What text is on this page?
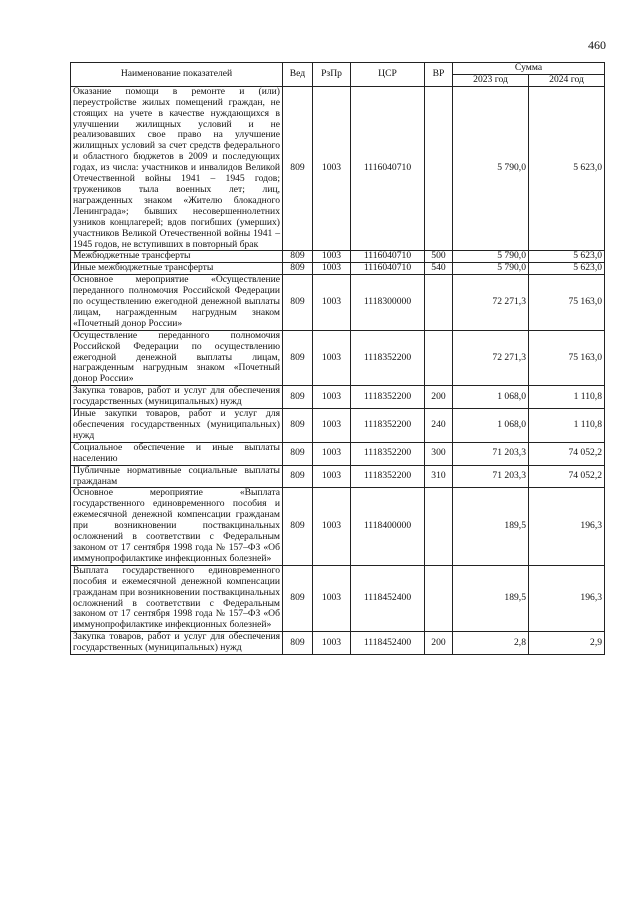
460
Наименование показателей	Вед	РзПр	ЦСР	ВР	Сумма	
					2023 год	2024 год
Оказание помощи в ремонте и (или) переустройстве жилых помещений граждан, не стоящих на учете в качестве нуждающихся в улучшении жилищных условий и не реализовавших свое право на улучшение жилищных условий за счет средств федерального и областного бюджетов в 2009 и последующих годах, из числа: участников и инвалидов Великой Отечественной войны 1941 – 1945 годов; тружеников тыла военных лет; лиц, награжденных знаком «Жителю блокадного Ленинграда»; бывших несовершеннолетних узников концлагерей; вдов погибших (умерших) участников Великой Отечественной войны 1941 – 1945 годов, не вступивших в повторный брак	809	1003	1116040710		5 790,0	5 623,0
Межбюджетные трансферты	809	1003	1116040710	500	5 790,0	5 623,0
Иные межбюджетные трансферты	809	1003	1116040710	540	5 790,0	5 623,0
Основное мероприятие «Осуществление переданного полномочия Российской Федерации по осуществлению ежегодной денежной выплаты лицам, награжденным нагрудным знаком «Почетный донор России»	809	1003	1118300000		72 271,3	75 163,0
Осуществление переданного полномочия Российской Федерации по осуществлению ежегодной денежной выплаты лицам, награжденным нагрудным знаком «Почетный донор России»	809	1003	1118352200		72 271,3	75 163,0
Закупка товаров, работ и услуг для обеспечения государственных (муниципальных) нужд	809	1003	1118352200	200	1 068,0	1 110,8
Иные закупки товаров, работ и услуг для обеспечения государственных (муниципальных) нужд	809	1003	1118352200	240	1 068,0	1 110,8
Социальное обеспечение и иные выплаты населению	809	1003	1118352200	300	71 203,3	74 052,2
Публичные нормативные социальные выплаты гражданам	809	1003	1118352200	310	71 203,3	74 052,2
Основное мероприятие «Выплата государственного единовременного пособия и ежемесячной денежной компенсации гражданам при возникновении поствакцинальных осложнений в соответствии с Федеральным законом от 17 сентября 1998 года № 157–ФЗ «Об иммунопрофилактике инфекционных болезней»	809	1003	1118400000		189,5	196,3
Выплата государственного единовременного пособия и ежемесячной денежной компенсации гражданам при возникновении поствакцинальных осложнений в соответствии с Федеральным законом от 17 сентября 1998 года № 157–ФЗ «Об иммунопрофилактике инфекционных болезней»	809	1003	1118452400		189,5	196,3
Закупка товаров, работ и услуг для обеспечения государственных (муниципальных) нужд	809	1003	1118452400	200	2,8	2,9
